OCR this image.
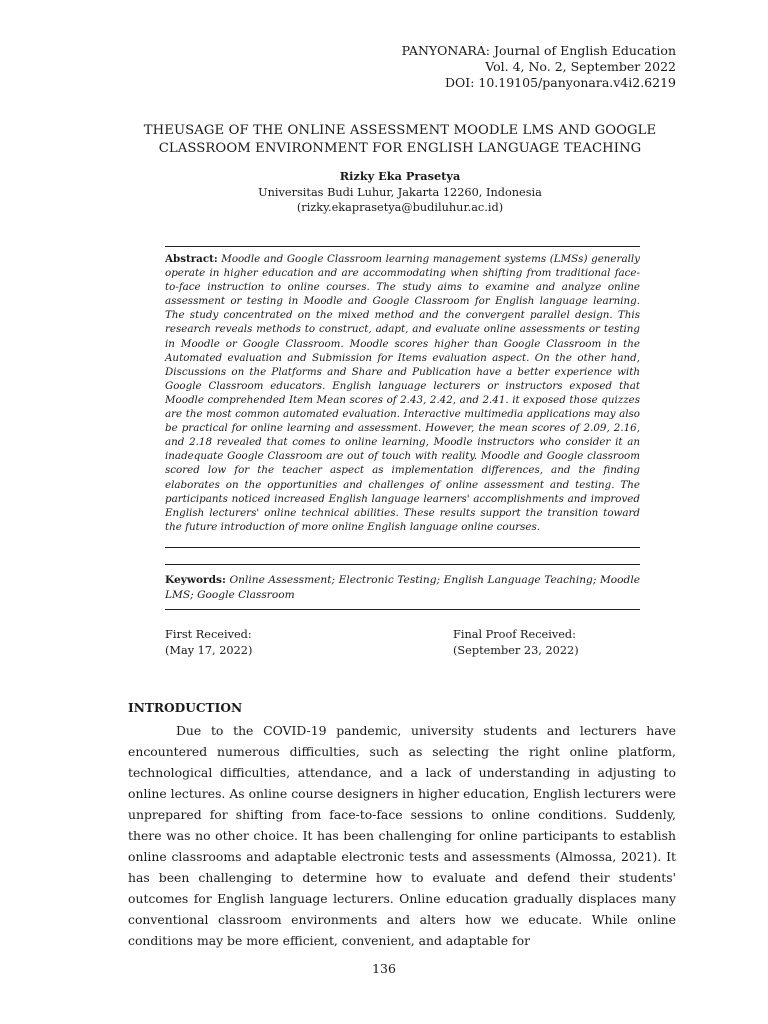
PANYONARA: Journal of English Education
Vol. 4, No. 2, September 2022
DOI: 10.19105/panyonara.v4i2.6219
THEUSAGE OF THE ONLINE ASSESSMENT MOODLE LMS AND GOOGLE
CLASSROOM ENVIRONMENT FOR ENGLISH LANGUAGE TEACHING
Rizky Eka Prasetya
Universitas Budi Luhur, Jakarta 12260, Indonesia
(rizky.ekaprasetya@budiluhur.ac.id)
Abstract: Moodle and Google Classroom learning management systems (LMSs) generally operate in higher education and are accommodating when shifting from traditional face-to-face instruction to online courses. The study aims to examine and analyze online assessment or testing in Moodle and Google Classroom for English language learning. The study concentrated on the mixed method and the convergent parallel design. This research reveals methods to construct, adapt, and evaluate online assessments or testing in Moodle or Google Classroom. Moodle scores higher than Google Classroom in the Automated evaluation and Submission for Items evaluation aspect. On the other hand, Discussions on the Platforms and Share and Publication have a better experience with Google Classroom educators. English language lecturers or instructors exposed that Moodle comprehended Item Mean scores of 2.43, 2.42, and 2.41. it exposed those quizzes are the most common automated evaluation. Interactive multimedia applications may also be practical for online learning and assessment. However, the mean scores of 2.09, 2.16, and 2.18 revealed that comes to online learning, Moodle instructors who consider it an inadequate Google Classroom are out of touch with reality. Moodle and Google classroom scored low for the teacher aspect as implementation differences, and the finding elaborates on the opportunities and challenges of online assessment and testing. The participants noticed increased English language learners' accomplishments and improved English lecturers' online technical abilities. These results support the transition toward the future introduction of more online English language online courses.
Keywords: Online Assessment; Electronic Testing; English Language Teaching; Moodle LMS; Google Classroom
First Received:
(May 17, 2022)
Final Proof Received:
(September 23, 2022)
INTRODUCTION
Due to the COVID-19 pandemic, university students and lecturers have encountered numerous difficulties, such as selecting the right online platform, technological difficulties, attendance, and a lack of understanding in adjusting to online lectures. As online course designers in higher education, English lecturers were unprepared for shifting from face-to-face sessions to online conditions. Suddenly, there was no other choice. It has been challenging for online participants to establish online classrooms and adaptable electronic tests and assessments (Almossa, 2021). It has been challenging to determine how to evaluate and defend their students' outcomes for English language lecturers. Online education gradually displaces many conventional classroom environments and alters how we educate. While online conditions may be more efficient, convenient, and adaptable for
136
